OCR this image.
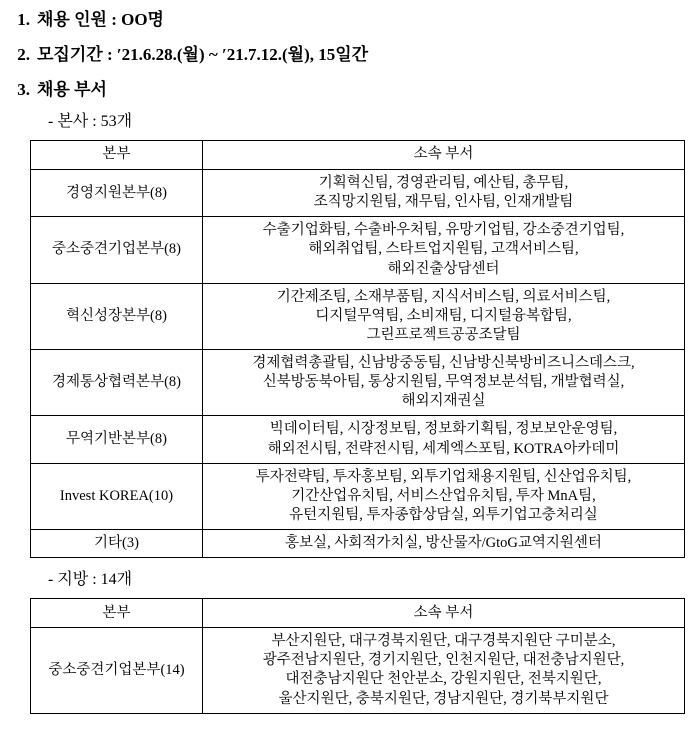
1. 채용 인원 : OO명
2. 모집기간 : ′21.6.28.(월) ~ ′21.7.12.(월), 15일간
3. 채용 부서
- 본사 : 53개
본부	소속 부서
경영지원본부(8)	기획혁신팀, 경영관리팀, 예산팀, 총무팀,
조직망지원팀, 재무팀, 인사팀, 인재개발팀

중소중견기업본부(8)	수출기업화팀, 수출바우처팀, 유망기업팀, 강소중견기업팀,
해외취업팀, 스타트업지원팀, 고객서비스팀,
해외진출상담센터

혁신성장본부(8)	기간제조팀, 소재부품팀, 지식서비스팀, 의료서비스팀,
디지털무역팀, 소비재팀, 디지털융복합팀,
그린프로젝트공공조달팀

경제통상협력본부(8)	경제협력총괄팀, 신남방중동팀, 신남방신북방비즈니스데스크,
신북방동북아팀, 통상지원팀, 무역정보분석팀, 개발협력실,
해외지재권실

무역기반본부(8)	빅데이터팀, 시장정보팀, 정보화기획팀, 정보보안운영팀,
해외전시팀, 전략전시팀, 세계엑스포팀, KOTRA아카데미

Invest KOREA(10)	투자전략팀, 투자홍보팀, 외투기업채용지원팀, 신산업유치팀,
기간산업유치팀, 서비스산업유치팀, 투자 MnA팀,
유턴지원팀, 투자종합상담실, 외투기업고충처리실

기타(3)	홍보실, 사회적가치실, 방산물자/GtoG교역지원센터
- 지방 : 14개
본부	소속 부서
중소중견기업본부(14)	부산지원단, 대구경북지원단, 대구경북지원단 구미분소,
광주전남지원단, 경기지원단, 인천지원단, 대전충남지원단,
대전충남지원단 천안분소, 강원지원단, 전북지원단,
울산지원단, 충북지원단, 경남지원단, 경기북부지원단
